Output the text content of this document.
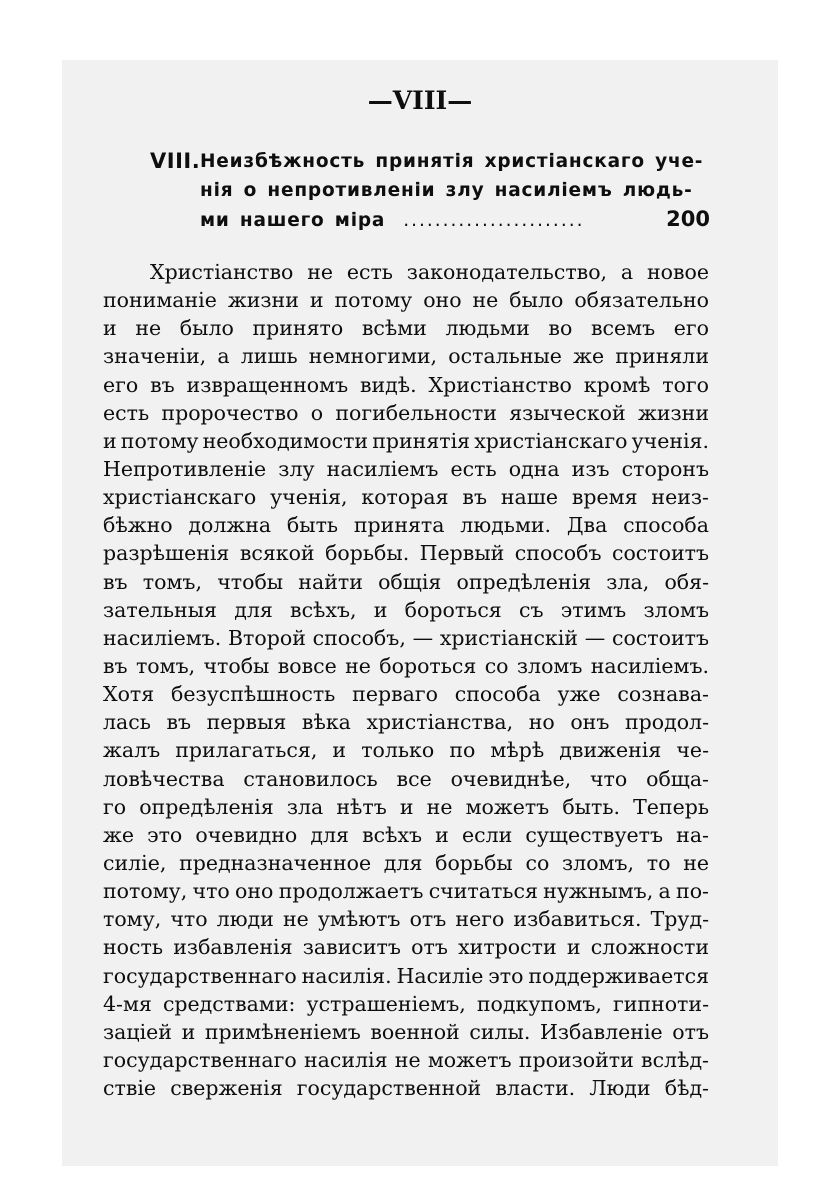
—VIII—
VIII. Неизбѣжность принятія христіанскаго уче-
нія о непротивленіи злу насиліемъ людь-
ми нашего міра .......................	200
Христіанство не есть законодательство, а новое
пониманіе жизни и потому оно не было обязательно
и не было принято всѣми людьми во всемъ его
значеніи, а лишь немногими, остальные же приняли
его въ извращенномъ видѣ. Христіанство кромѣ того
есть пророчество о погибельности языческой жизни
и потому необходимости принятія христіанскаго ученія.
Непротивленіе злу насиліемъ есть одна изъ сторонъ
христіанскаго ученія, которая въ наше время неиз-
бѣжно должна быть принята людьми. Два способа
разрѣшенія всякой борьбы. Первый способъ состоитъ
въ томъ, чтобы найти общія опредѣленія зла, обя-
зательныя для всѣхъ, и бороться съ этимъ зломъ
насиліемъ. Второй способъ, — христіанскій — состоитъ
въ томъ, чтобы вовсе не бороться со зломъ насиліемъ.
Хотя безуспѣшность перваго способа уже сознава-
лась въ первыя вѣка христіанства, но онъ продол-
жалъ прилагаться, и только по мѣрѣ движенія че-
ловѣчества становилось все очевиднѣе, что обща-
го опредѣленія зла нѣтъ и не можетъ быть. Теперь
же это очевидно для всѣхъ и если существуетъ на-
силіе, предназначенное для борьбы со зломъ, то не
потому, что оно продолжаетъ считаться нужнымъ, а по-
тому, что люди не умѣютъ отъ него избавиться. Труд-
ность избавленія зависитъ отъ хитрости и сложности
государственнаго насилія. Насиліе это поддерживается
4-мя средствами: устрашеніемъ, подкупомъ, гипноти-
заціей и примѣненіемъ военной силы. Избавленіе отъ
государственнаго насилія не можетъ произойти вслѣд-
ствіе сверженія государственной власти. Люди бѣд-
